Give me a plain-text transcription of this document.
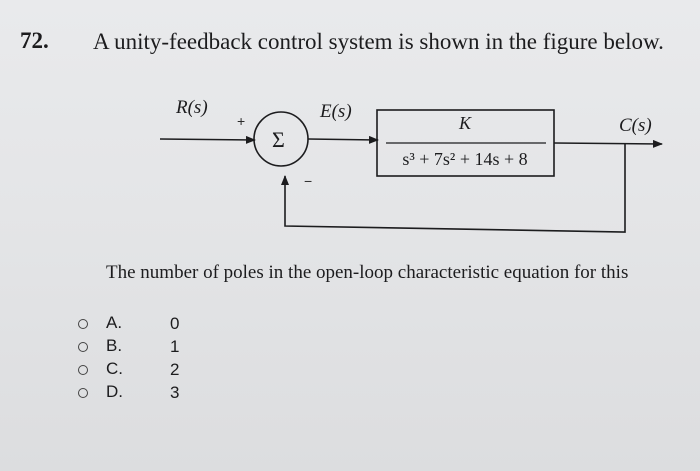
72. A unity-feedback control system is shown in the figure below.
Σ
+
−
R(s)	E(s)
C(s)
K
s³ + 7s² + 14s + 8
The number of poles in the open-loop characteristic equation for this
A.	0
B.	1
C.	2
D.	3
